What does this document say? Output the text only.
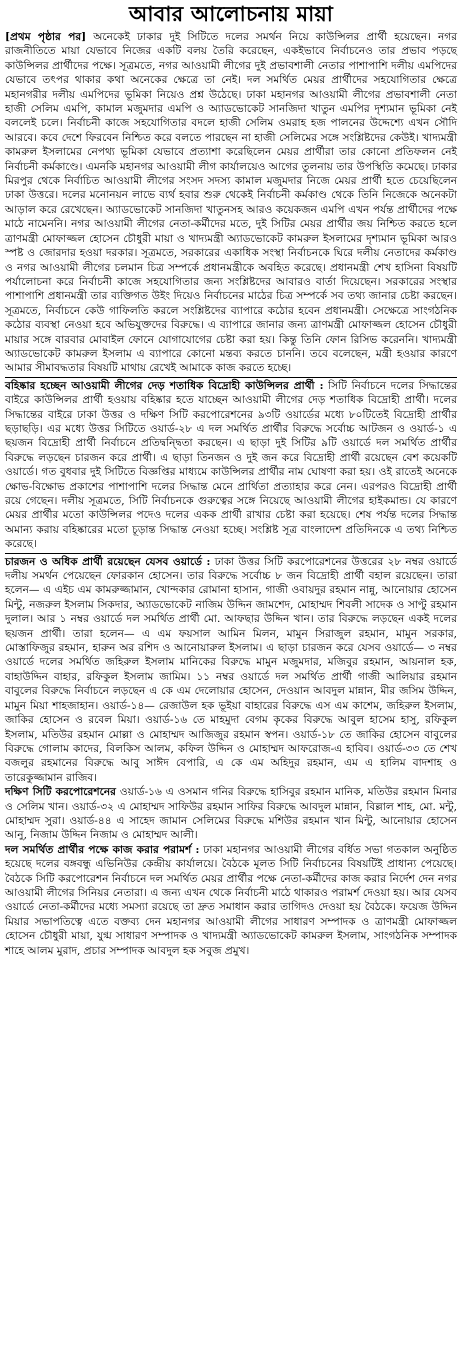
আবার আলোচনায় মায়া

[প্রথম পৃষ্ঠার পর] অনেকেই ঢাকার দুই সিটিতে দলের সমর্থন নিয়ে কাউন্সিলর প্রার্থী হয়েছেন। নগর রাজনীতিতে মায়া যেভাবে নিজের একটি বলয় তৈরি করেছেন, একইভাবে নির্বাচনেও তার প্রভাব পড়ছে কাউন্সিলর প্রার্থীদের পক্ষে। সূত্রমতে, নগর আওয়ামী লীগের দুই প্রভাবশালী নেতার পাশাপাশি দলীয় এমপিদের যেভাবে তৎপর থাকার কথা অনেকের ক্ষেত্রে তা নেই। দল সমর্থিত মেয়র প্রার্থীদের সহযোগিতার ক্ষেত্রে মহানগরীর দলীয় এমপিদের ভূমিকা নিয়েও প্রশ্ন উঠেছে। ঢাকা মহানগর আওয়ামী লীগের প্রভাবশালী নেতা হাজী সেলিম এমপি, কামাল মজুমদার এমপি ও অ্যাডভোকেট সানজিদা খাতুন এমপির দৃশ্যমান ভূমিকা নেই বললেই চলে। নির্বাচনী কাজে সহযোগিতার বদলে হাজী সেলিম ওমরাহ হজ পালনের উদ্দেশ্যে এখন সৌদি আরবে। কবে দেশে ফিরবেন নিশ্চিত করে বলতে পারছেন না হাজী সেলিমের সঙ্গে সংশ্লিষ্টদের কেউই। খাদ্যমন্ত্রী কামরুল ইসলামের নেপথ্য ভূমিকা যেভাবে প্রত্যাশা করেছিলেন মেয়র প্রার্থীরা তার কোনো প্রতিফলন নেই নির্বাচনী কর্মকাণ্ডে। এমনকি মহানগর আওয়ামী লীগ কার্যালয়েও আগের তুলনায় তার উপস্থিতি কমেছে। ঢাকার মিরপুর থেকে নির্বাচিত আওয়ামী লীগের সংসদ সদস্য কামাল মজুমদার নিজে মেয়র প্রার্থী হতে চেয়েছিলেন ঢাকা উত্তরে। দলের মনোনয়ন লাভে ব্যর্থ হবার শুরু থেকেই নির্বাচনী কর্মকাণ্ড থেকে তিনি নিজেকে অনেকটা আড়াল করে রেখেছেন। অ্যাডভোকেট সানজিদা খাতুনসহ আরও কয়েকজন এমপি এখন পর্যন্ত প্রার্থীদের পক্ষে মাঠে নামেননি। নগর আওয়ামী লীগের নেতা-কর্মীদের মতে, দুই সিটির মেয়র প্রার্থীর জয় নিশ্চিত করতে হলে ত্রাণমন্ত্রী মোফাজ্জল হোসেন চৌধুরী মায়া ও খাদ্যমন্ত্রী অ্যাডভোকেট কামরুল ইসলামের দৃশ্যমান ভূমিকা আরও স্পষ্ট ও জোরদার হওয়া দরকার। সূত্রমতে, সরকারের একাধিক সংস্থা নির্বাচনকে ঘিরে দলীয় নেতাদের কর্মকাণ্ড ও নগর আওয়ামী লীগের চলমান চিত্র সম্পর্কে প্রধানমন্ত্রীকে অবহিত করেছে। প্রধানমন্ত্রী শেখ হাসিনা বিষয়টি পর্যালোচনা করে নির্বাচনী কাজে সহযোগিতার জন্য সংশ্লিষ্টদের আবারও বার্তা দিয়েছেন। সরকারের সংস্থার পাশাপাশি প্রধানমন্ত্রী তার ব্যক্তিগত উইং দিয়েও নির্বাচনের মাঠের চিত্র সম্পর্কে সব তথ্য জানার চেষ্টা করছেন। সূত্রমতে, নির্বাচনে কেউ গাফিলতি করলে সংশ্লিষ্টদের ব্যাপারে কঠোর হবেন প্রধানমন্ত্রী। সেক্ষেত্রে সাংগঠনিক কঠোর ব্যবস্থা নেওয়া হবে অভিযুক্তদের বিরুদ্ধে। এ ব্যাপারে জানার জন্য ত্রাণমন্ত্রী মোফাজ্জল হোসেন চৌধুরী মায়ার সঙ্গে বারবার মোবাইল ফোনে যোগাযোগের চেষ্টা করা হয়। কিন্তু তিনি ফোন রিসিভ করেননি। খাদ্যমন্ত্রী অ্যাডভোকেট কামরুল ইসলাম এ ব্যাপারে কোনো মন্তব্য করতে চাননি। তবে বলেছেন, মন্ত্রী হওয়ার কারণে আমার সীমাবদ্ধতার বিষয়টি মাথায় রেখেই আমাকে কাজ করতে হচ্ছে।

বহিষ্কার হচ্ছেন আওয়ামী লীগের দেড় শতাধিক বিদ্রোহী কাউন্সিলর প্রার্থী : সিটি নির্বাচনে দলের সিদ্ধান্তের বাইরে কাউন্সিলর প্রার্থী হওয়ায় বহিষ্কার হতে যাচ্ছেন আওয়ামী লীগের দেড় শতাধিক বিদ্রোহী প্রার্থী। দলের সিদ্ধান্তের বাইরে ঢাকা উত্তর ও দক্ষিণ সিটি করপোরেশনের ৯৩টি ওয়ার্ডের মধ্যে ৮০টিতেই বিদ্রোহী প্রার্থীর ছড়াছড়ি। এর মধ্যে উত্তর সিটিতে ওয়ার্ড-২৮ এ দল সমর্থিত প্রার্থীর বিরুদ্ধে সর্বোচ্চ আটজন ও ওয়ার্ড-১ এ ছয়জন বিদ্রোহী প্রার্থী নির্বাচনে প্রতিদ্বন্দ্বিতা করছেন। এ ছাড়া দুই সিটির ৯টি ওয়ার্ডে দল সমর্থিত প্রার্থীর বিরুদ্ধে লড়ছেন চারজন করে প্রার্থী। এ ছাড়া তিনজন ও দুই জন করে বিদ্রোহী প্রার্থী রয়েছেন বেশ কয়েকটি ওয়ার্ডে। গত বুধবার দুই সিটিতে বিজ্ঞপ্তির মাধ্যমে কাউন্সিলর প্রার্থীর নাম ঘোষণা করা হয়। ওই রাতেই অনেকে ক্ষোভ-বিক্ষোভ প্রকাশের পাশাপাশি দলের সিদ্ধান্ত মেনে প্রার্থিতা প্রত্যাহার করে নেন। এরপরও বিদ্রোহী প্রার্থী রয়ে গেছেন। দলীয় সূত্রমতে, সিটি নির্বাচনকে গুরুত্বের সঙ্গে নিয়েছে আওয়ামী লীগের হাইকমান্ড। যে কারণে মেয়র প্রার্থীর মতো কাউন্সিলর পদেও দলের একক প্রার্থী রাখার চেষ্টা করা হয়েছে। শেষ পর্যন্ত দলের সিদ্ধান্ত অমান্য করায় বহিষ্কারের মতো চূড়ান্ত সিদ্ধান্ত নেওয়া হচ্ছে। সংশ্লিষ্ট সূত্র বাংলাদেশ প্রতিদিনকে এ তথ্য নিশ্চিত করেছে।

চারজন ও অধিক প্রার্থী রয়েছেন যেসব ওয়ার্ডে : ঢাকা উত্তর সিটি করপোরেশনের উত্তরের ২৮ নম্বর ওয়ার্ডে দলীয় সমর্থন পেয়েছেন ফোরকান হোসেন। তার বিরুদ্ধে সর্বোচ্চ ৮ জন বিদ্রোহী প্রার্থী বহাল রয়েছেন। তারা হলেন— এ এইচ এম কামরুজ্জামান, খোন্দকার রোমানা হাসান, গাজী ওবায়দুর রহমান নান্নু, আনোয়ার হোসেন মিন্টু, নজরুল ইসলাম সিকদার, অ্যাডভোকেট নাজিম উদ্দিন জামশেদ, মোহাম্মদ শিবলী সাদেক ও সাণ্টু রহমান দুলাল। আর ১ নম্বর ওয়ার্ডে দল সমর্থিত প্রার্থী মো. আফছার উদ্দিন খান। তার বিরুদ্ধে লড়ছেন একই দলের ছয়জন প্রার্থী। তারা হলেন— এ এম ফয়সাল আমিন মিলন, মামুন সিরাজুল রহমান, মামুন সরকার, মোস্তাফিজুর রহমান, হারুন অর রশিদ ও আনোয়ারুল ইসলাম। এ ছাড়া চারজন করে যেসব ওয়ার্ডে— ৩ নম্বর ওয়ার্ডে দলের সমর্থিত জহিরুল ইসলাম মানিকের বিরুদ্ধে মামুন মজুমদার, মজিবুর রহমান, আয়নাল হক, বাহাউদ্দিন বাহার, রফিকুল ইসলাম জামিম। ১১ নম্বর ওয়ার্ডে দল সমর্থিত প্রার্থী গাজী আলিয়ার রহমান বাবুলের বিরুদ্ধে নির্বাচনে লড়ছেন এ কে এম দেলোয়ার হোসেন, দেওয়ান আবদুল মান্নান, মীর জসিম উদ্দিন, মামুন মিয়া শাহজাহান। ওয়ার্ড-১৪— রেজাউল হক ভূইয়া বাহারের বিরুদ্ধে এস এম কাশেম, জহিরুল ইসলাম, জাকির হোসেন ও রবেল মিয়া। ওয়ার্ড-১৬ তে মাহমুদা বেগম কৃকের বিরুদ্ধে আবুল হাসেম হাসু, রফিকুল ইসলাম, মতিউর রহমান মোল্লা ও মোহাম্মদ আজিজুর রহমান স্বপন। ওয়ার্ড-১৮ তে জাকির হোসেন বাবুলের বিরুদ্ধে গোলাম কাদের, বিলকিস আলম, কফিল উদ্দিন ও মোহাম্মদ আফরোজ-এ হাবিব। ওয়ার্ড-৩৩ তে শেখ বজলুর রহমানের বিরুদ্ধে আবু সাঈদ বেপারি, এ কে এম অহিদুর রহমান, এম এ হালিম বাদশাহ ও তারেকুজ্জামান রাজিব।

দক্ষিণ সিটি করপোরেশনের ওয়ার্ড-১৬ এ ওসমান গনির বিরুদ্ধে হাসিবুর রহমান মানিক, মতিউর রহমান মিনার ও সেলিম খান। ওয়ার্ড-৩২ এ মোহাম্মদ সাফিউর রহমান সাফির বিরুদ্ধে আবদুল মান্নান, বিল্লাল শাহ, মো. মন্টু, মোহাম্মদ সুরা। ওয়ার্ড-৪৪ এ সাহেদ জামান সেলিমের বিরুদ্ধে মশিউর রহমান খান মিন্টু, আনোয়ার হোসেন আনু, নিজাম উদ্দিন নিজাম ও মোহাম্মদ আলী।

দল সমর্থিত প্রার্থীর পক্ষে কাজ করার পরামর্শ : ঢাকা মহানগর আওয়ামী লীগের বর্ধিত সভা গতকাল অনুষ্ঠিত হয়েছে দলের বঙ্গবন্ধু এভিনিউর কেন্দ্রীয় কার্যালয়ে। বৈঠকে মূলত সিটি নির্বাচনের বিষয়টিই প্রাধান্য পেয়েছে। বৈঠকে সিটি করপোরেশন নির্বাচনে দল সমর্থিত মেয়র প্রার্থীর পক্ষে নেতা-কর্মীদের কাজ করার নির্দেশ দেন নগর আওয়ামী লীগের সিনিয়র নেতারা। এ জন্য এখন থেকে নির্বাচনী মাঠে থাকারও পরামর্শ দেওয়া হয়। আর যেসব ওয়ার্ডে নেতা-কর্মীদের মধ্যে সমস্যা রয়েছে তা দ্রুত সমাধান করার তাগিদও দেওয়া হয় বৈঠকে। ফয়েজ উদ্দিন মিয়ার সভাপতিত্বে এতে বক্তব্য দেন মহানগর আওয়ামী লীগের সাধারণ সম্পাদক ও ত্রাণমন্ত্রী মোফাজ্জল হোসেন চৌধুরী মায়া, যুগ্ম সাধারণ সম্পাদক ও খাদ্যমন্ত্রী অ্যাডভোকেট কামরুল ইসলাম, সাংগঠনিক সম্পাদক শাহে আলম মুরাদ, প্রচার সম্পাদক আবদুল হক সবুজ প্রমুখ।
